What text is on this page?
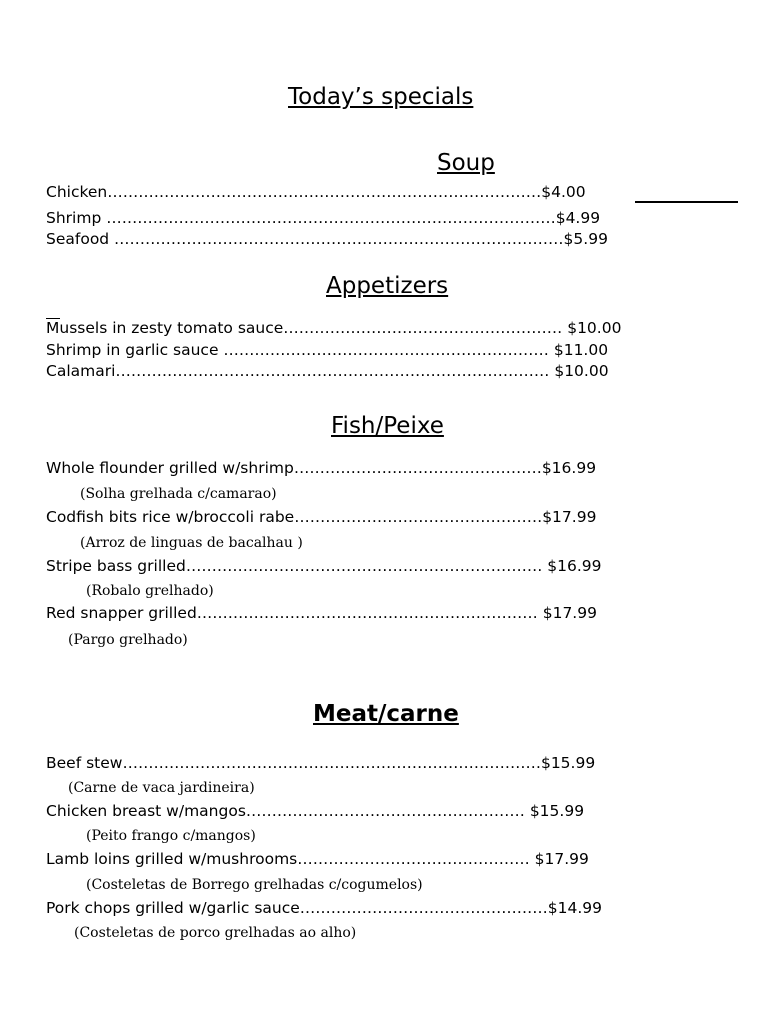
Today’s specials
Soup
Chicken…………………………………………………………………………$4.00
Shrimp ……………………………………………………………………………$4.99
Seafood ……………………………………………………………………………$5.99
Appetizers
Mussels in zesty tomato sauce……………………………………………… $10.00
Shrimp in garlic sauce ……………………………………………………… $11.00
Calamari………………………………………………………………………… $10.00
Fish/Peixe
Whole flounder grilled w/shrimp…………………………………………$16.99
(Solha grelhada c/camarao)
Codfish bits rice w/broccoli rabe…………………………………………$17.99
(Arroz de linguas de bacalhau )
Stripe bass grilled…………………………………………………………… $16.99
(Robalo grelhado)
Red snapper grilled………………………………………………………… $17.99
(Pargo grelhado)
Meat/carne
Beef stew………………………………………………………………………$15.99
(Carne de vaca jardineira)
Chicken breast w/mangos……………………………………………… $15.99
(Peito frango c/mangos)
Lamb loins grilled w/mushrooms……………………………………… $17.99
(Costeletas de Borrego grelhadas c/cogumelos)
Pork chops grilled w/garlic sauce…………………………………………$14.99
(Costeletas de porco grelhadas ao alho)
